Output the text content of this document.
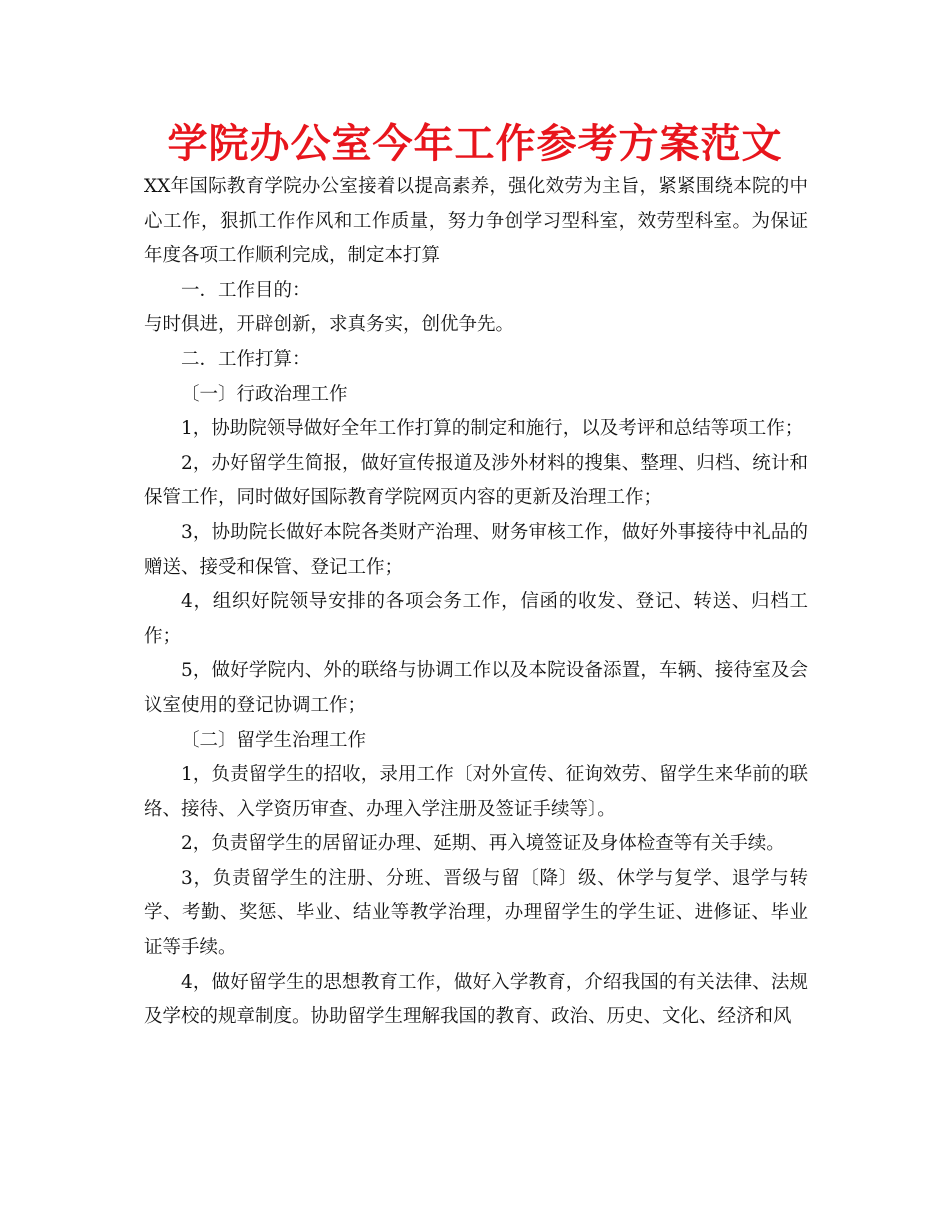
学院办公室今年工作参考方案范文

XX年国际教育学院办公室接着以提高素养，强化效劳为主旨，紧紧围绕本院的中心工作，狠抓工作作风和工作质量，努力争创学习型科室，效劳型科室。为保证年度各项工作顺利完成，制定本打算

一．工作目的：

与时俱进，开辟创新，求真务实，创优争先。

二．工作打算：

〔一〕行政治理工作

1，协助院领导做好全年工作打算的制定和施行，以及考评和总结等项工作；

2，办好留学生简报，做好宣传报道及涉外材料的搜集、整理、归档、统计和保管工作，同时做好国际教育学院网页内容的更新及治理工作；

3，协助院长做好本院各类财产治理、财务审核工作，做好外事接待中礼品的赠送、接受和保管、登记工作；

4，组织好院领导安排的各项会务工作，信函的收发、登记、转送、归档工作；

5，做好学院内、外的联络与协调工作以及本院设备添置，车辆、接待室及会议室使用的登记协调工作；

〔二〕留学生治理工作

1，负责留学生的招收，录用工作〔对外宣传、征询效劳、留学生来华前的联络、接待、入学资历审查、办理入学注册及签证手续等〕。

2，负责留学生的居留证办理、延期、再入境签证及身体检查等有关手续。

3，负责留学生的注册、分班、晋级与留〔降〕级、休学与复学、退学与转学、考勤、奖惩、毕业、结业等教学治理，办理留学生的学生证、进修证、毕业证等手续。

4，做好留学生的思想教育工作，做好入学教育，介绍我国的有关法律、法规及学校的规章制度。协助留学生理解我国的教育、政治、历史、文化、经济和风
